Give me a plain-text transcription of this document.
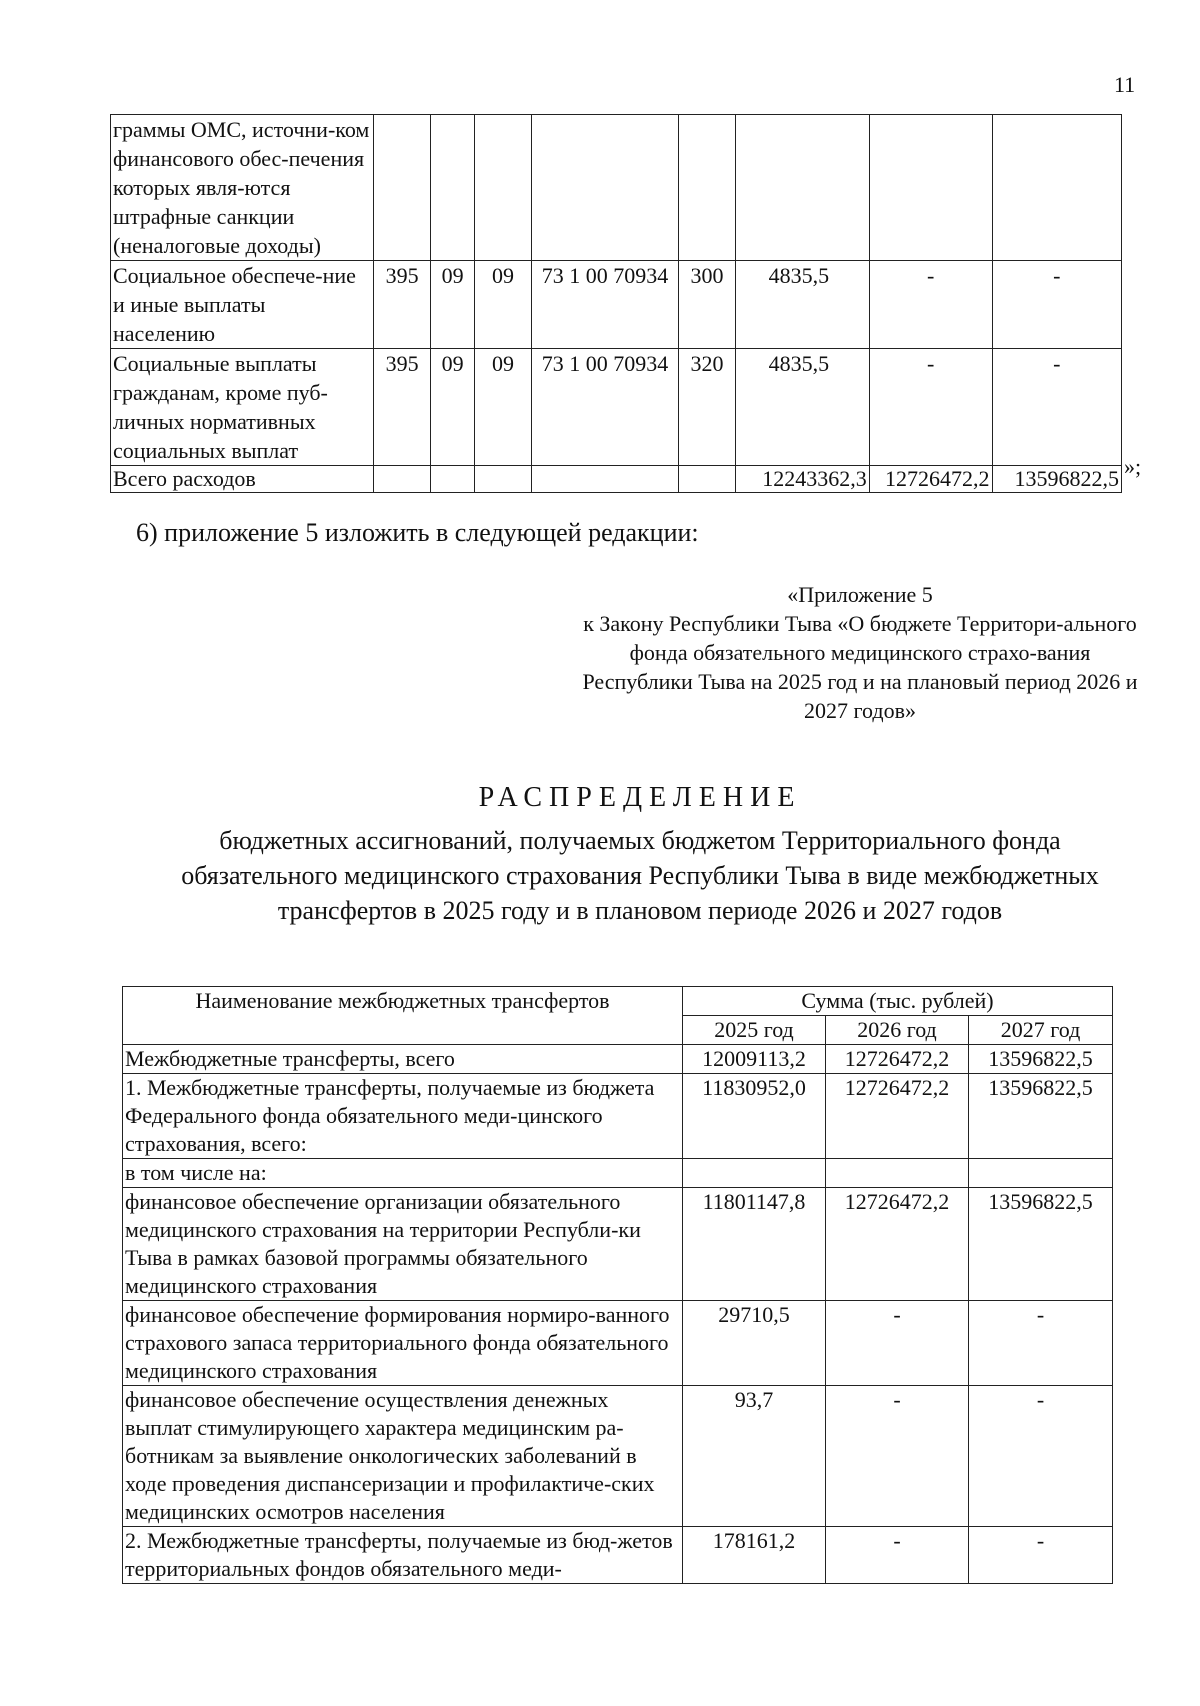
11
граммы ОМС, источни-ком финансового обес-печения которых явля-ются штрафные санкции (неналоговые доходы)								
Социальное обеспече-ние и иные выплаты населению	395	09	09	73 1 00 70934	300	4835,5	-	-
Социальные выплаты гражданам, кроме пуб-личных нормативных социальных выплат	395	09	09	73 1 00 70934	320	4835,5	-	-
Всего расходов						12243362,3	12726472,2	13596822,5 »;
6) приложение 5 изложить в следующей редакции:
«Приложение 5
к Закону Республики Тыва «О бюджете Территори-ального фонда обязательного медицинского страхо-вания Республики Тыва на 2025 год и на плановый период 2026 и 2027 годов»
РАСПРЕДЕЛЕНИЕ
бюджетных ассигнований, получаемых бюджетом Территориального фонда обязательного медицинского страхования Республики Тыва в виде межбюджетных трансфертов в 2025 году и в плановом периоде 2026 и 2027 годов
Наименование межбюджетных трансфертов	Сумма (тыс. рублей)		
	2025 год	2026 год	2027 год
Межбюджетные трансферты, всего	12009113,2	12726472,2	13596822,5
1. Межбюджетные трансферты, получаемые из бюджета Федерального фонда обязательного меди-цинского страхования, всего:	11830952,0	12726472,2	13596822,5
в том числе на:			
финансовое обеспечение организации обязательного медицинского страхования на территории Республи-ки Тыва в рамках базовой программы обязательного медицинского страхования	11801147,8	12726472,2	13596822,5
финансовое обеспечение формирования нормиро-ванного страхового запаса территориального фонда обязательного медицинского страхования	29710,5	-	-
финансовое обеспечение осуществления денежных выплат стимулирующего характера медицинским ра-ботникам за выявление онкологических заболеваний в ходе проведения диспансеризации и профилактиче-ских медицинских осмотров населения	93,7	-	-
2. Межбюджетные трансферты, получаемые из бюд-жетов территориальных фондов обязательного меди-	178161,2	-	-
